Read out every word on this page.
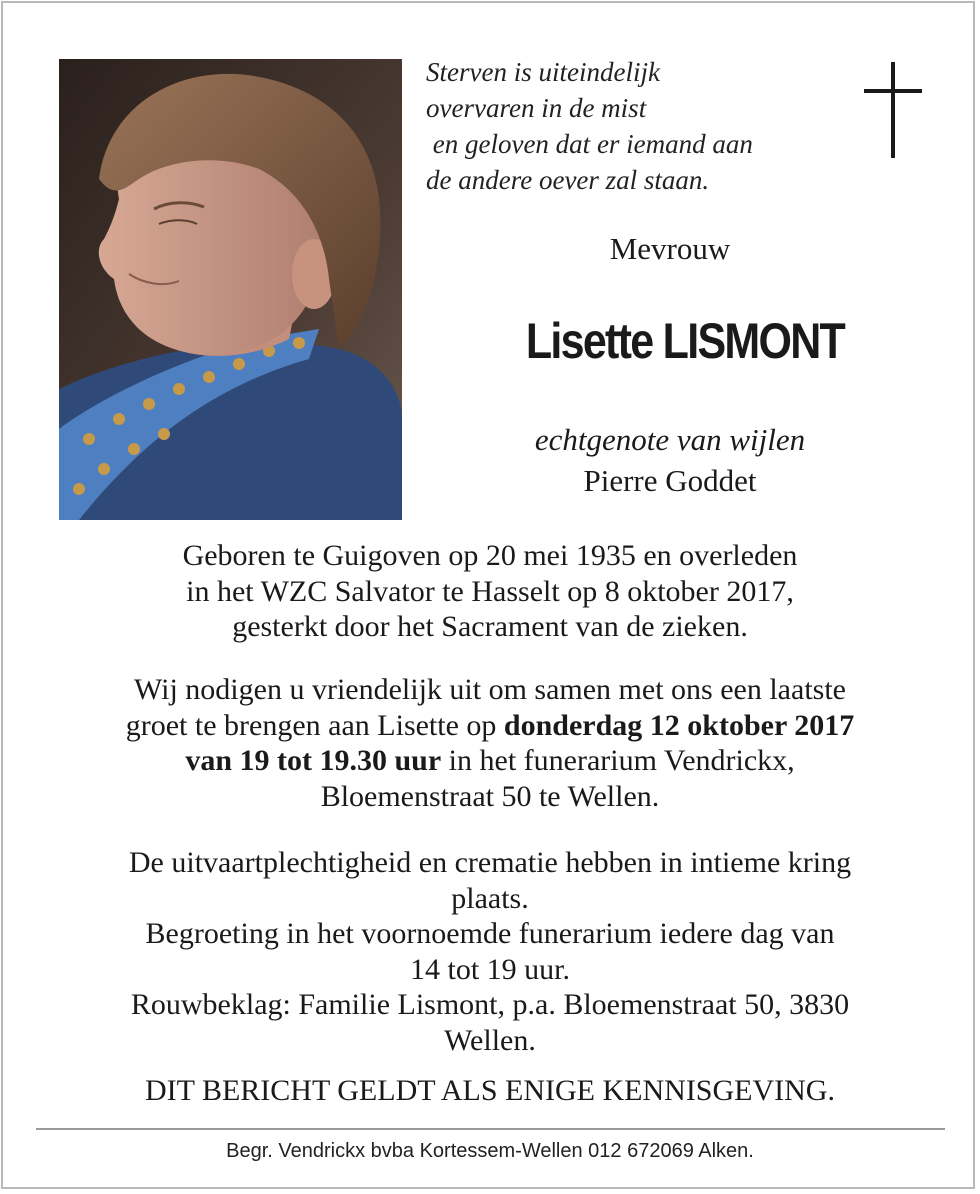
Sterven is uiteindelijk
overvaren in de mist
en geloven dat er iemand aan
de andere oever zal staan.
Mevrouw
Lisette LISMONT
echtgenote van wijlen
Pierre Goddet
Geboren te Guigoven op 20 mei 1935 en overleden
in het WZC Salvator te Hasselt op 8 oktober 2017,
gesterkt door het Sacrament van de zieken.
Wij nodigen u vriendelijk uit om samen met ons een laatste
groet te brengen aan Lisette op donderdag 12 oktober 2017
van 19 tot 19.30 uur in het funerarium Vendrickx,
Bloemenstraat 50 te Wellen.
De uitvaartplechtigheid en crematie hebben in intieme kring
plaats.
Begroeting in het voornoemde funerarium iedere dag van
14 tot 19 uur.
Rouwbeklag: Familie Lismont, p.a. Bloemenstraat 50, 3830
Wellen.
DIT BERICHT GELDT ALS ENIGE KENNISGEVING.
Begr. Vendrickx bvba Kortessem-Wellen 012 672069 Alken.
